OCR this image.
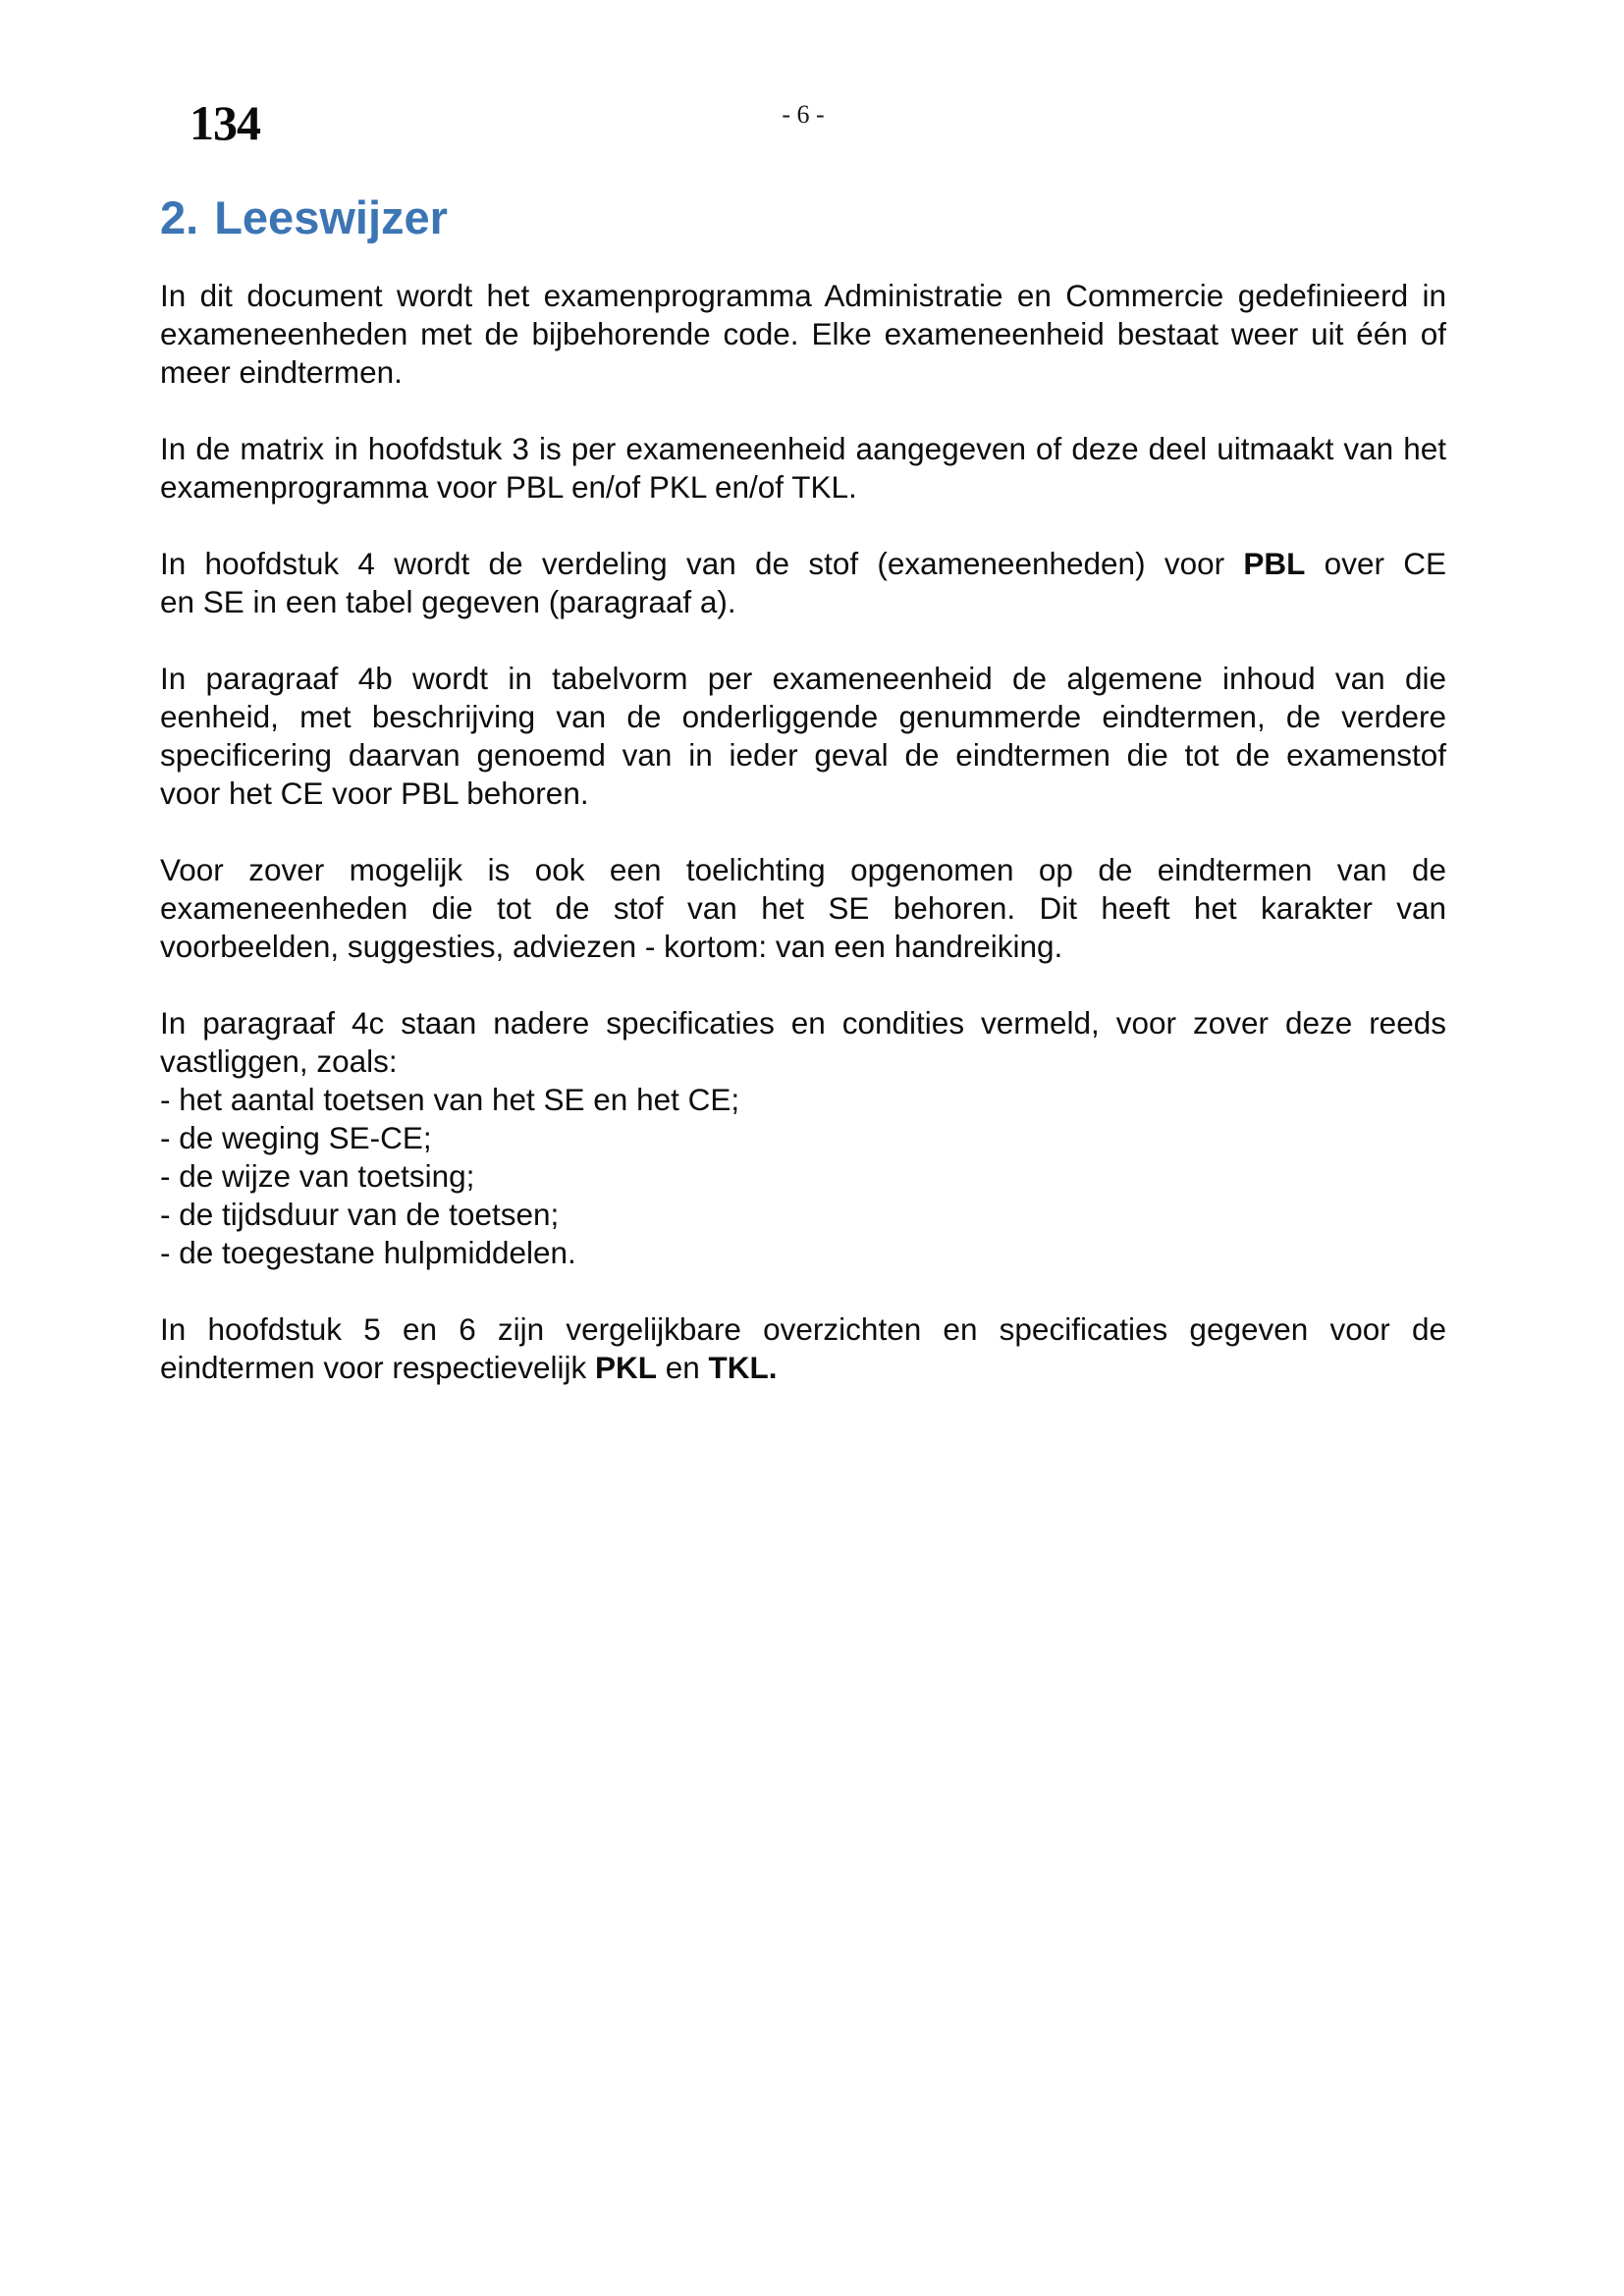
134	- 6 -
2. Leeswijzer
In dit document wordt het examenprogramma Administratie en Commercie gedefinieerd in
exameneenheden met de bijbehorende code. Elke exameneenheid bestaat weer uit één of
meer eindtermen.
In de matrix in hoofdstuk 3 is per exameneenheid aangegeven of deze deel uitmaakt van het
examenprogramma voor PBL en/of PKL en/of TKL.
In hoofdstuk 4 wordt de verdeling van de stof (exameneenheden) voor PBL over CE
en SE in een tabel gegeven (paragraaf a).
In paragraaf 4b wordt in tabelvorm per exameneenheid de algemene inhoud van die
eenheid, met beschrijving van de onderliggende genummerde eindtermen, de verdere
specificering daarvan genoemd van in ieder geval de eindtermen die tot de examenstof
voor het CE voor PBL behoren.
Voor zover mogelijk is ook een toelichting opgenomen op de eindtermen van de
exameneenheden die tot de stof van het SE behoren. Dit heeft het karakter van
voorbeelden, suggesties, adviezen - kortom: van een handreiking.
In paragraaf 4c staan nadere specificaties en condities vermeld, voor zover deze reeds
vastliggen, zoals:
- het aantal toetsen van het SE en het CE;
- de weging SE-CE;
- de wijze van toetsing;
- de tijdsduur van de toetsen;
- de toegestane hulpmiddelen.
In hoofdstuk 5 en 6 zijn vergelijkbare overzichten en specificaties gegeven voor de
eindtermen voor respectievelijk PKL en TKL.
